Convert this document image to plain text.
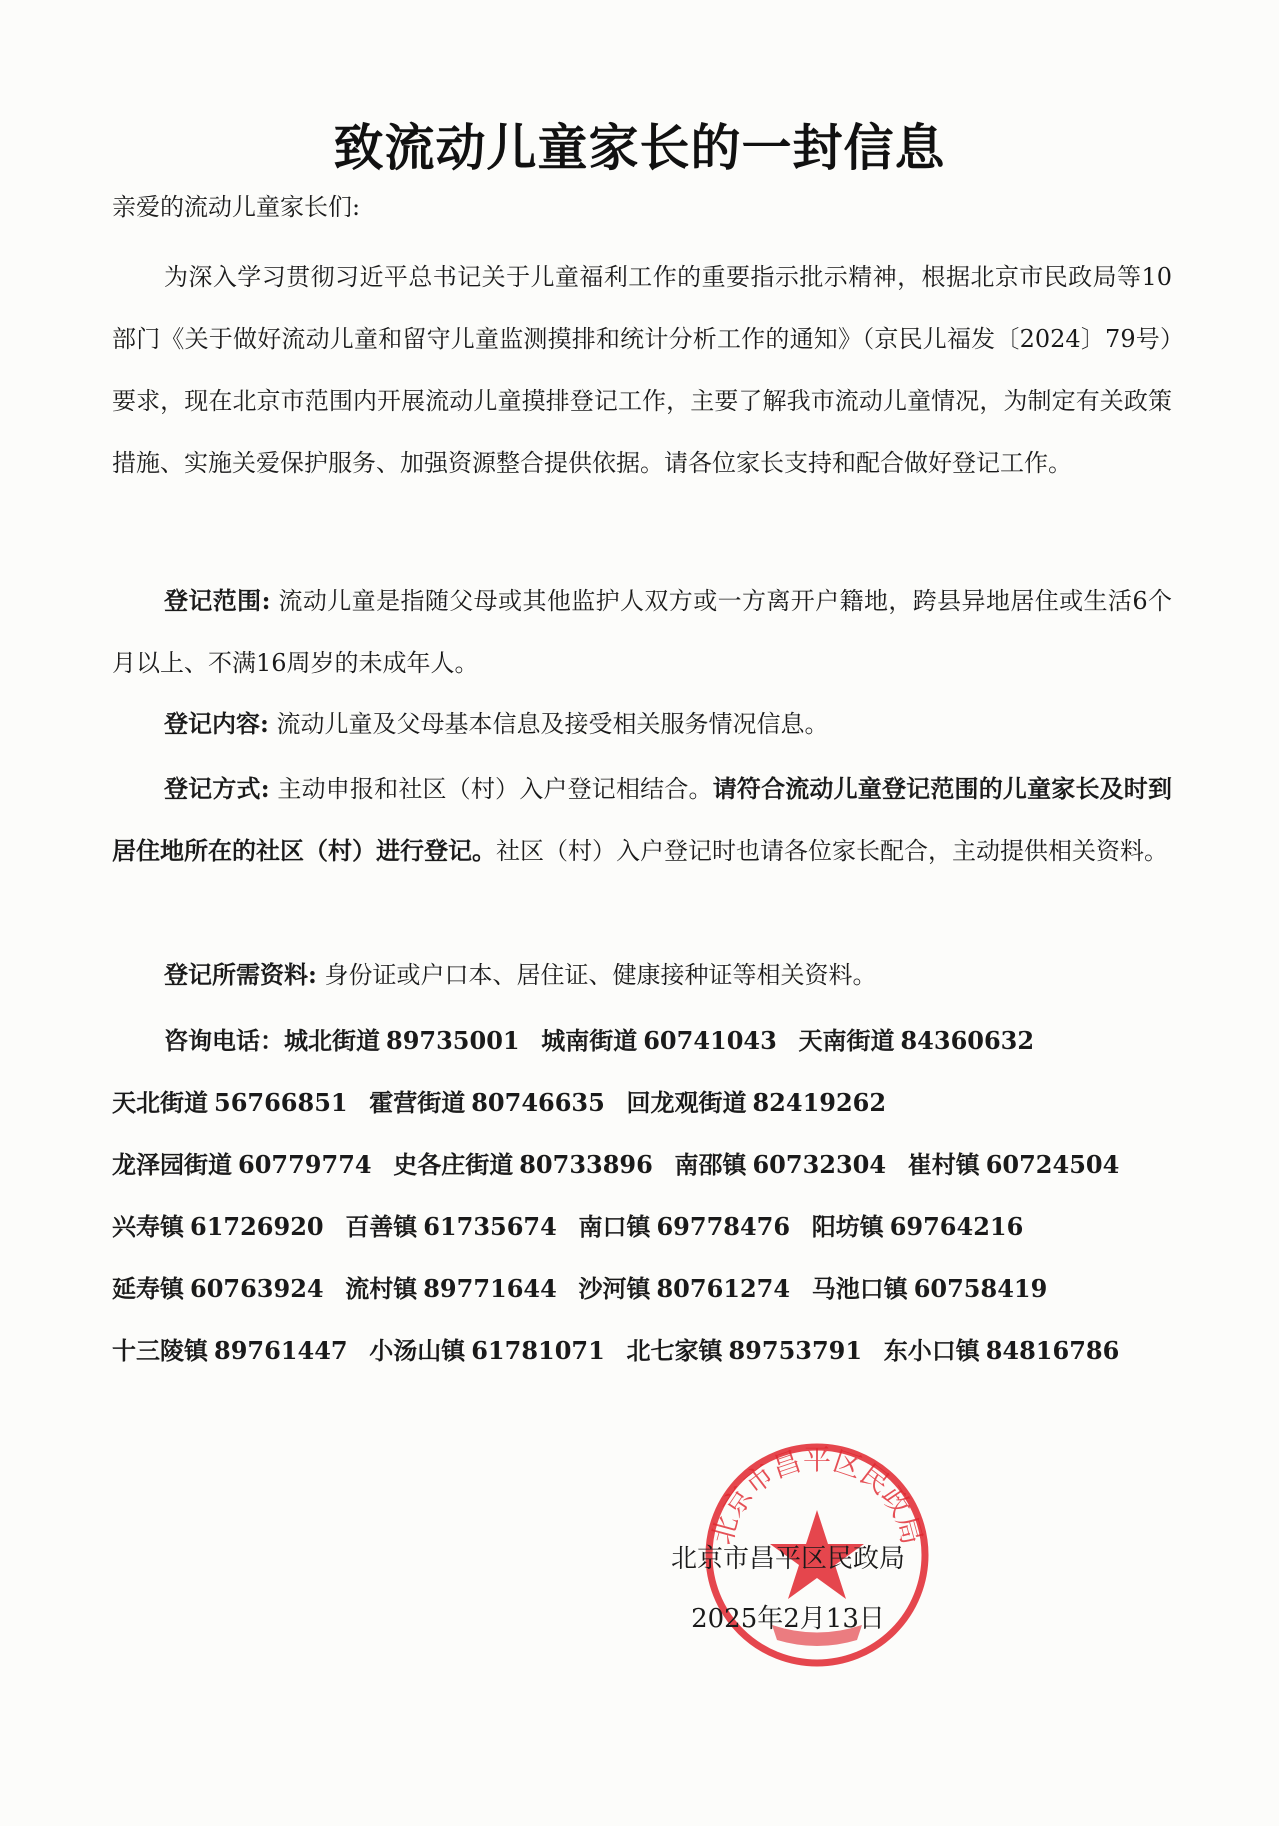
致流动儿童家长的一封信息
亲爱的流动儿童家长们:

为深入学习贯彻习近平总书记关于儿童福利工作的重要指示批示精神，根据北京市民政局等10部门《关于做好流动儿童和留守儿童监测摸排和统计分析工作的通知》（京民儿福发〔2024〕79号）要求，现在北京市范围内开展流动儿童摸排登记工作，主要了解我市流动儿童情况，为制定有关政策措施、实施关爱保护服务、加强资源整合提供依据。请各位家长支持和配合做好登记工作。

登记范围: 流动儿童是指随父母或其他监护人双方或一方离开户籍地，跨县异地居住或生活6个月以上、不满16周岁的未成年人。

登记内容: 流动儿童及父母基本信息及接受相关服务情况信息。

登记方式: 主动申报和社区（村）入户登记相结合。请符合流动儿童登记范围的儿童家长及时到居住地所在的社区（村）进行登记。社区（村）入户登记时也请各位家长配合，主动提供相关资料。

登记所需资料: 身份证或户口本、居住证、健康接种证等相关资料。

咨询电话：城北街道 89735001 城南街道 60741043 天南街道 84360632 天北街道 56766851 霍营街道 80746635 回龙观街道 82419262 龙泽园街道 60779774 史各庄街道 80733896 南邵镇 60732304 崔村镇 60724504 兴寿镇 61726920 百善镇 61735674 南口镇 69778476 阳坊镇 69764216 延寿镇 60763924 流村镇 89771644 沙河镇 80761274 马池口镇 60758419 十三陵镇 89761447 小汤山镇 61781071 北七家镇 89753791 东小口镇 84816786
北京市昌平区民政局
北京市昌平区民政局
2025年2月13日
